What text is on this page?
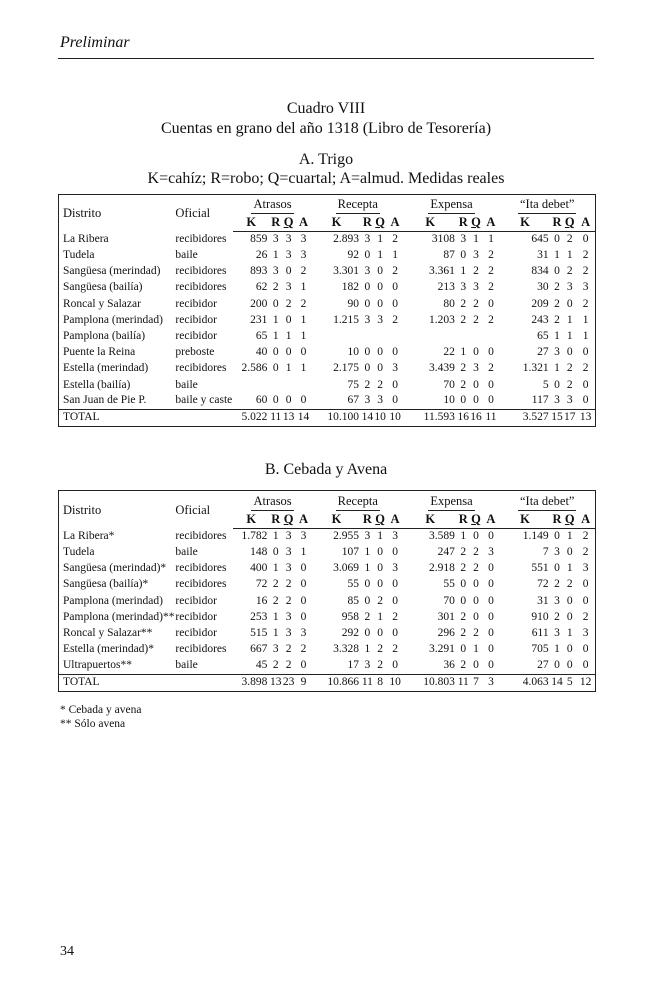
Preliminar
Cuadro VIII
Cuentas en grano del año 1318 (Libro de Tesorería)
A. Trigo
K=cahíz; R=robo; Q=cuartal; A=almud. Medidas reales
Distrito	Oficial	Atrasos				Recepta				Expensa				“Ita debet”			
		K	R	Q	A	K	R	Q	A	K	R	Q	A	K	R	Q	A
La Ribera	recibidores	859	3	3	3	2.893	3	1	2	3108	3	1	1	645	0	2	0
Tudela	baile	26	1	3	3	92	0	1	1	87	0	3	2	31	1	1	2
Sangüesa (merindad)	recibidores	893	3	0	2	3.301	3	0	2	3.361	1	2	2	834	0	2	2
Sangüesa (bailía)	recibidores	62	2	3	1	182	0	0	0	213	3	3	2	30	2	3	3
Roncal y Salazar	recibidor	200	0	2	2	90	0	0	0	80	2	2	0	209	2	0	2
Pamplona (merindad)	recibidor	231	1	0	1	1.215	3	3	2	1.203	2	2	2	243	2	1	1
Pamplona (bailía)	recibidor	65	1	1	1									65	1	1	1
Puente la Reina	preboste	40	0	0	0	10	0	0	0	22	1	0	0	27	3	0	0
Estella (merindad)	recibidores	2.586	0	1	1	2.175	0	0	3	3.439	2	3	2	1.321	1	2	2
Estella (bailía)	baile					75	2	2	0	70	2	0	0	5	0	2	0
San Juan de Pie P.	baile y caste	60	0	0	0	67	3	3	0	10	0	0	0	117	3	3	0
TOTAL		5.022	11	13	14	10.100	14	10	10	11.593	16	16	11	3.527	15	17	13
B. Cebada y Avena
Distrito	Oficial	Atrasos				Recepta				Expensa				“Ita debet”			
		K	R	Q	A	K	R	Q	A	K	R	Q	A	K	R	Q	A
La Ribera*	recibidores	1.782	1	3	3	2.955	3	1	3	3.589	1	0	0	1.149	0	1	2
Tudela	baile	148	0	3	1	107	1	0	0	247	2	2	3	7	3	0	2
Sangüesa (merindad)*	recibidores	400	1	3	0	3.069	1	0	3	2.918	2	2	0	551	0	1	3
Sangüesa (bailía)*	recibidores	72	2	2	0	55	0	0	0	55	0	0	0	72	2	2	0
Pamplona (merindad)	recibidor	16	2	2	0	85	0	2	0	70	0	0	0	31	3	0	0
Pamplona (merindad)**	recibidor	253	1	3	0	958	2	1	2	301	2	0	0	910	2	0	2
Roncal y Salazar**	recibidor	515	1	3	3	292	0	0	0	296	2	2	0	611	3	1	3
Estella (merindad)*	recibidores	667	3	2	2	3.328	1	2	2	3.291	0	1	0	705	1	0	0
Ultrapuertos**	baile	45	2	2	0	17	3	2	0	36	2	0	0	27	0	0	0
TOTAL		3.898	13	23	9	10.866	11	8	10	10.803	11	7	3	4.063	14	5	12
* Cebada y avena
** Sólo avena
34
